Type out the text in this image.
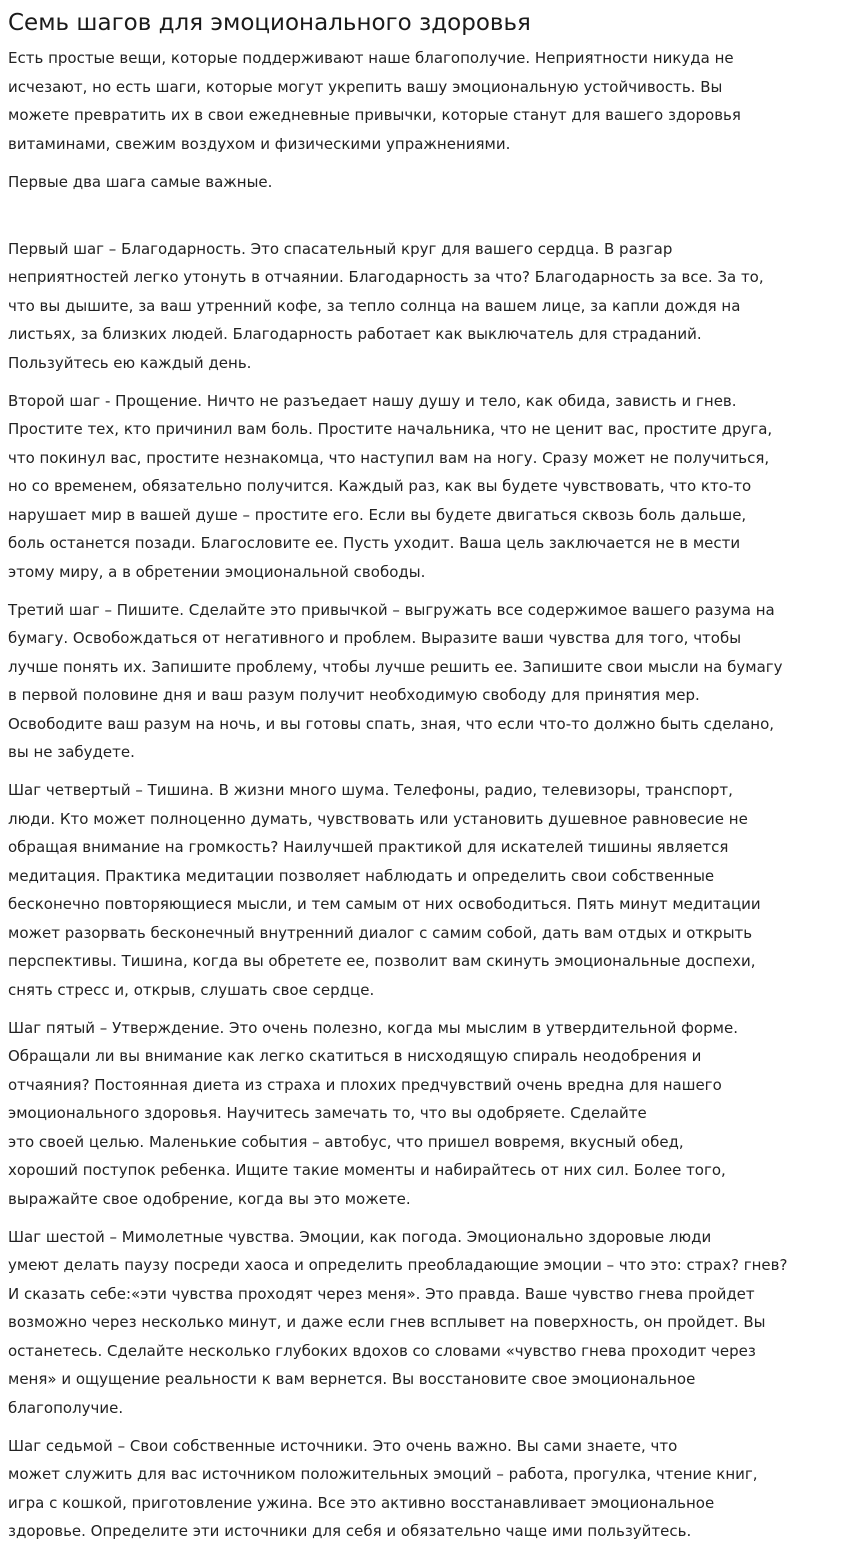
Семь шагов для эмоционального здоровья

Есть простые вещи, которые поддерживают наше благополучие. Неприятности никуда не
исчезают, но есть шаги, которые могут укрепить вашу эмоциональную устойчивость. Вы
можете превратить их в свои ежедневные привычки, которые станут для вашего здоровья
витаминами, свежим воздухом и физическими упражнениями.

Первые два шага самые важные.

Первый шаг – Благодарность. Это спасательный круг для вашего сердца. В разгар
неприятностей легко утонуть в отчаянии. Благодарность за что? Благодарность за все. За то,
что вы дышите, за ваш утренний кофе, за тепло солнца на вашем лице, за капли дождя на
листьях, за близких людей. Благодарность работает как выключатель для страданий.
Пользуйтесь ею каждый день.

Второй шаг - Прощение. Ничто не разъедает нашу душу и тело, как обида, зависть и гнев.
Простите тех, кто причинил вам боль. Простите начальника, что не ценит вас, простите друга,
что покинул вас, простите незнакомца, что наступил вам на ногу. Сразу может не получиться,
но со временем, обязательно получится. Каждый раз, как вы будете чувствовать, что кто-то
нарушает мир в вашей душе – простите его. Если вы будете двигаться сквозь боль дальше,
боль останется позади. Благословите ее. Пусть уходит. Ваша цель заключается не в мести
этому миру, а в обретении эмоциональной свободы.

Третий шаг – Пишите. Сделайте это привычкой – выгружать все содержимое вашего разума на
бумагу. Освобождаться от негативного и проблем. Выразите ваши чувства для того, чтобы
лучше понять их. Запишите проблему, чтобы лучше решить ее. Запишите свои мысли на бумагу
в первой половине дня и ваш разум получит необходимую свободу для принятия мер.
Освободите ваш разум на ночь, и вы готовы спать, зная, что если что-то должно быть сделано,
вы не забудете.

Шаг четвертый – Тишина. В жизни много шума. Телефоны, радио, телевизоры, транспорт,
люди. Кто может полноценно думать, чувствовать или установить душевное равновесие не
обращая внимание на громкость? Наилучшей практикой для искателей тишины является
медитация. Практика медитации позволяет наблюдать и определить свои собственные
бесконечно повторяющиеся мысли, и тем самым от них освободиться. Пять минут медитации
может разорвать бесконечный внутренний диалог с самим собой, дать вам отдых и открыть
перспективы. Тишина, когда вы обретете ее, позволит вам скинуть эмоциональные доспехи,
снять стресс и, открыв, слушать свое сердце.

Шаг пятый – Утверждение. Это очень полезно, когда мы мыслим в утвердительной форме.
Обращали ли вы внимание как легко скатиться в нисходящую спираль неодобрения и
отчаяния? Постоянная диета из страха и плохих предчувствий очень вредна для нашего
эмоционального здоровья. Научитесь замечать то, что вы одобряете. Сделайте
это своей целью. Маленькие события – автобус, что пришел вовремя, вкусный обед,
хороший поступок ребенка. Ищите такие моменты и набирайтесь от них сил. Более того,
выражайте свое одобрение, когда вы это можете.

Шаг шестой – Мимолетные чувства. Эмоции, как погода. Эмоционально здоровые люди
умеют делать паузу посреди хаоса и определить преобладающие эмоции – что это: страх? гнев?
И сказать себе:«эти чувства проходят через меня». Это правда. Ваше чувство гнева пройдет
возможно через несколько минут, и даже если гнев всплывет на поверхность, он пройдет. Вы
останетесь. Сделайте несколько глубоких вдохов со словами «чувство гнева проходит через
меня» и ощущение реальности к вам вернется. Вы восстановите свое эмоциональное
благополучие.

Шаг седьмой – Свои собственные источники. Это очень важно. Вы сами знаете, что
может служить для вас источником положительных эмоций – работа, прогулка, чтение книг,
игра с кошкой, приготовление ужина. Все это активно восстанавливает эмоциональное
здоровье. Определите эти источники для себя и обязательно чаще ими пользуйтесь.
